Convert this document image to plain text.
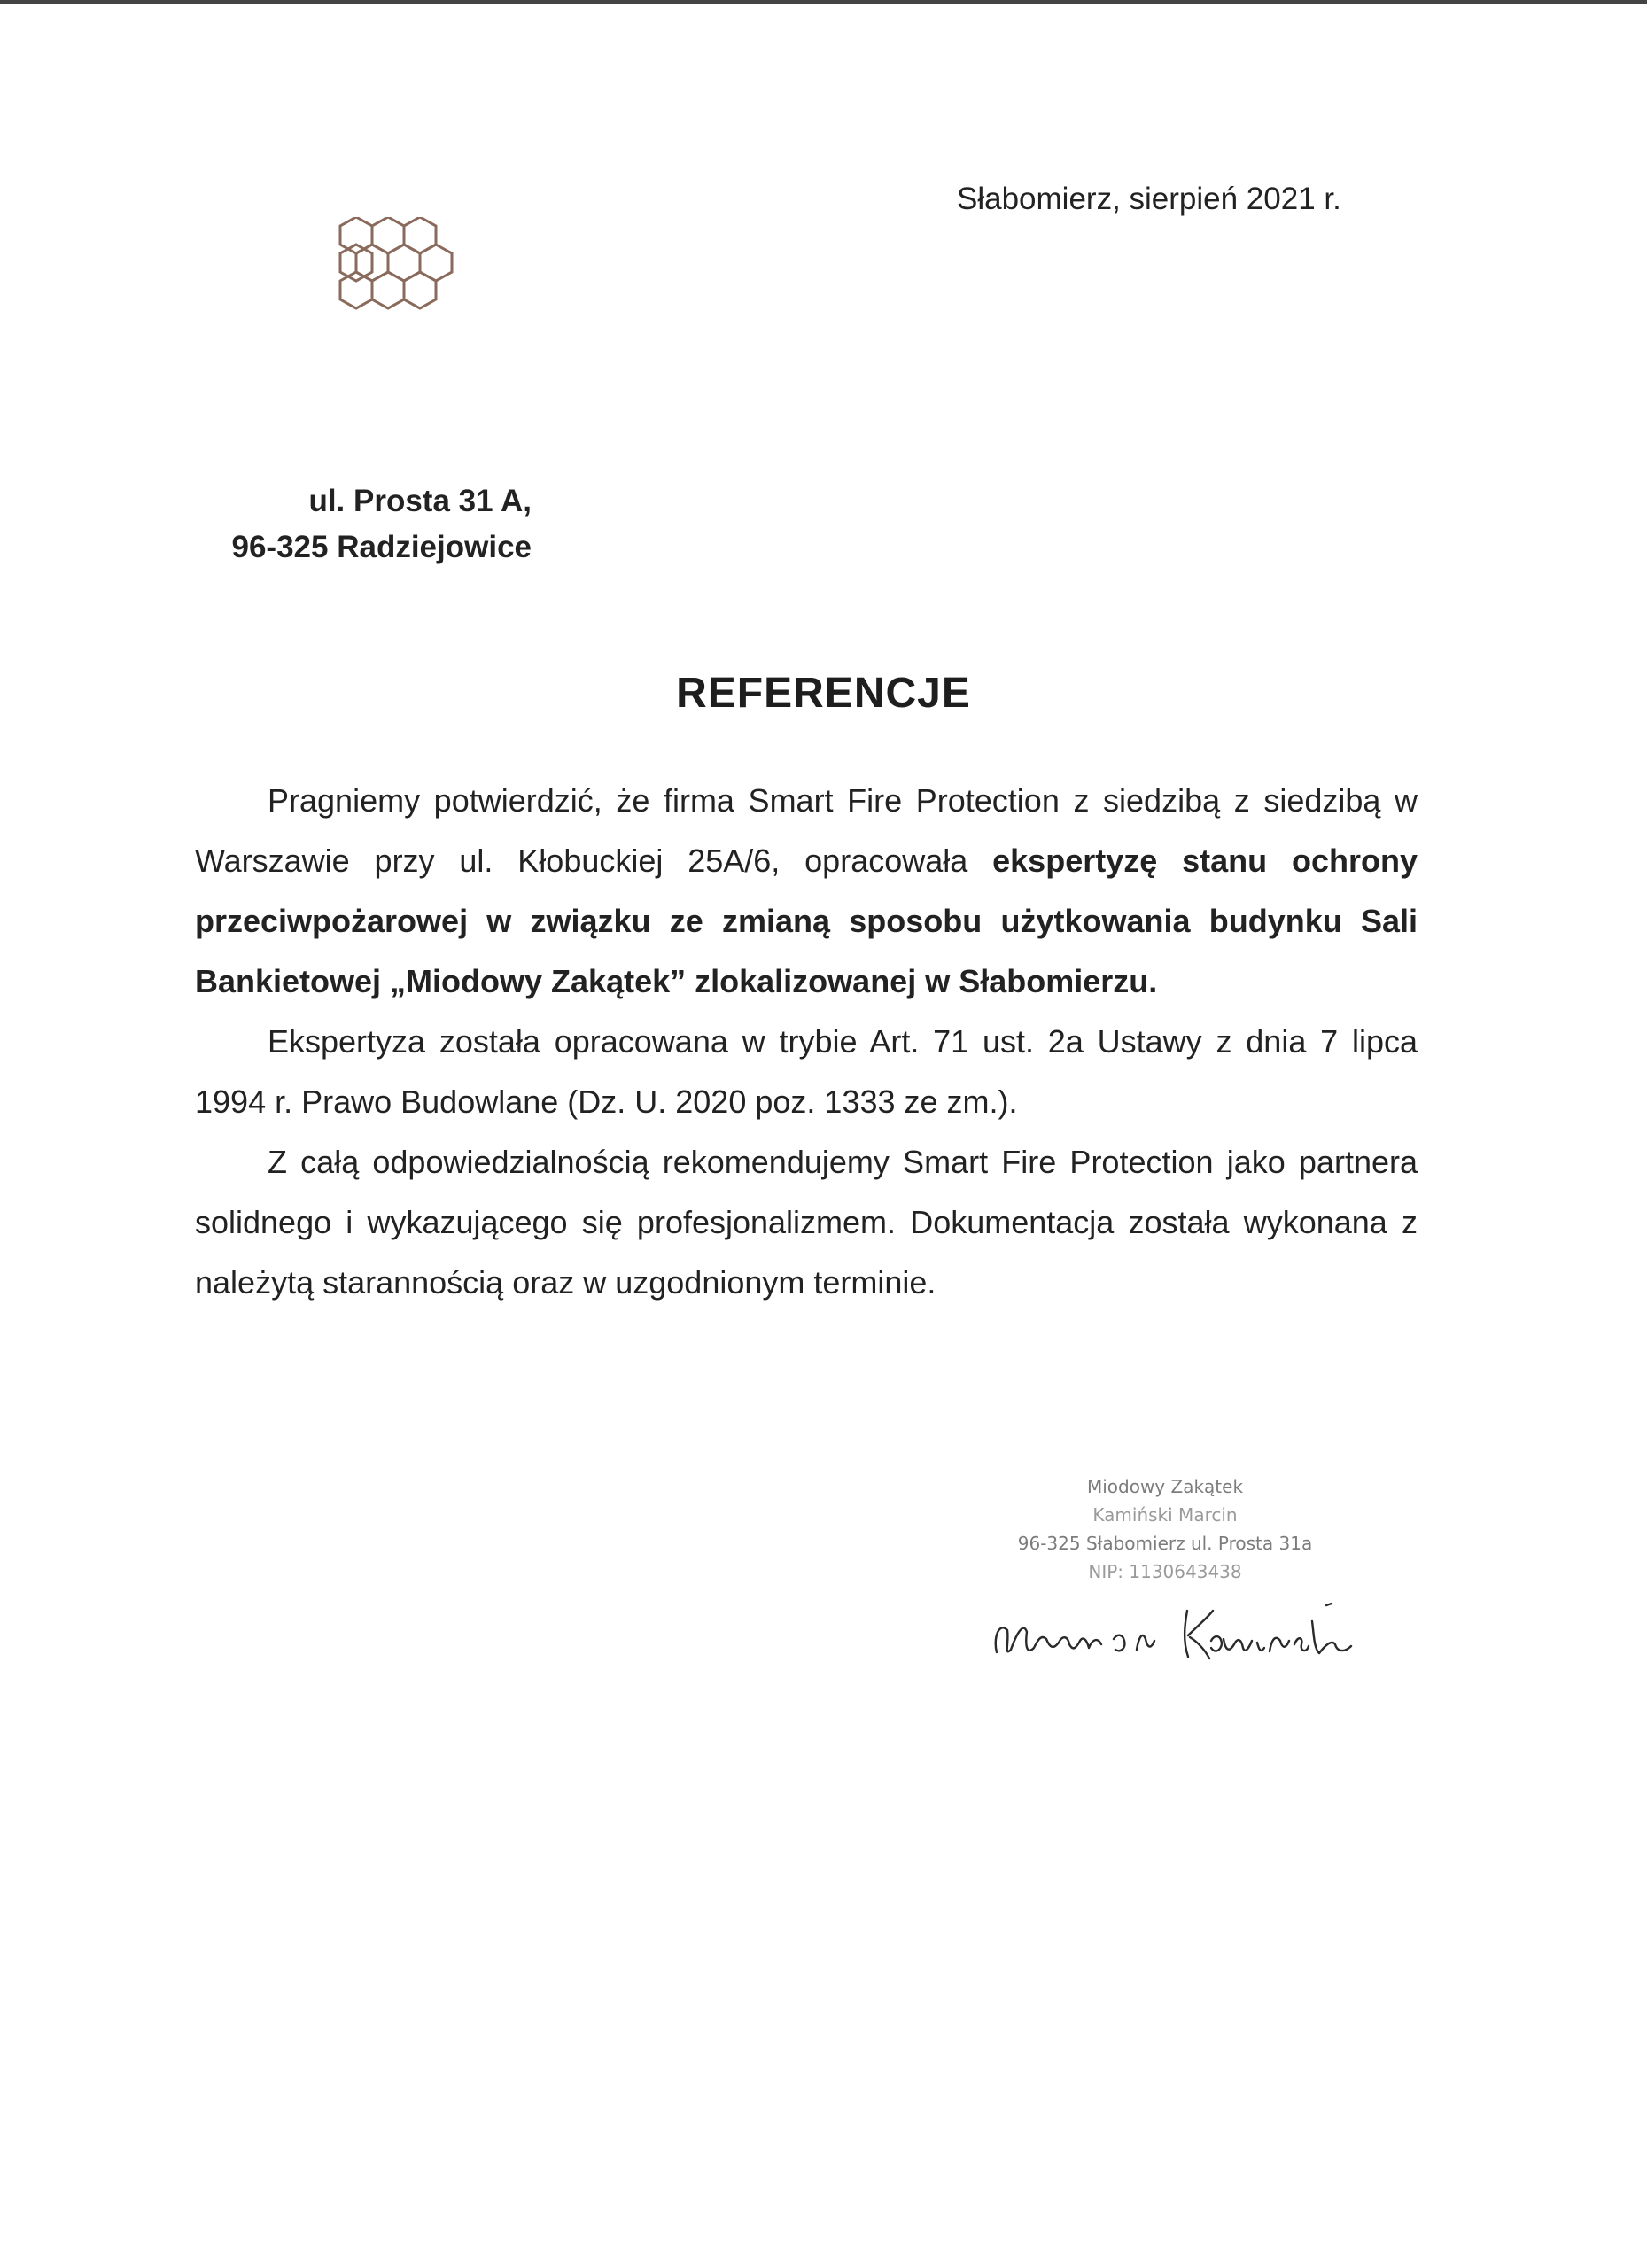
Słabomierz, sierpień 2021 r.
ul. Prosta 31 A,
96-325 Radziejowice
REFERENCJE

Pragniemy potwierdzić, że firma Smart Fire Protection z siedzibą z siedzibą w Warszawie przy ul. Kłobuckiej 25A/6, opracowała ekspertyzę stanu ochrony przeciwpożarowej w związku ze zmianą sposobu użytkowania budynku Sali Bankietowej „Miodowy Zakątek” zlokalizowanej w Słabomierzu.

Ekspertyza została opracowana w trybie Art. 71 ust. 2a Ustawy z dnia 7 lipca 1994 r. Prawo Budowlane (Dz. U. 2020 poz. 1333 ze zm.).

Z całą odpowiedzialnością rekomendujemy Smart Fire Protection jako partnera solidnego i wykazującego się profesjonalizmem. Dokumentacja została wykonana z należytą starannością oraz w uzgodnionym terminie.

Miodowy Zakątek
Kamiński Marcin
96-325 Słabomierz ul. Prosta 31a
NIP: 1130643438
